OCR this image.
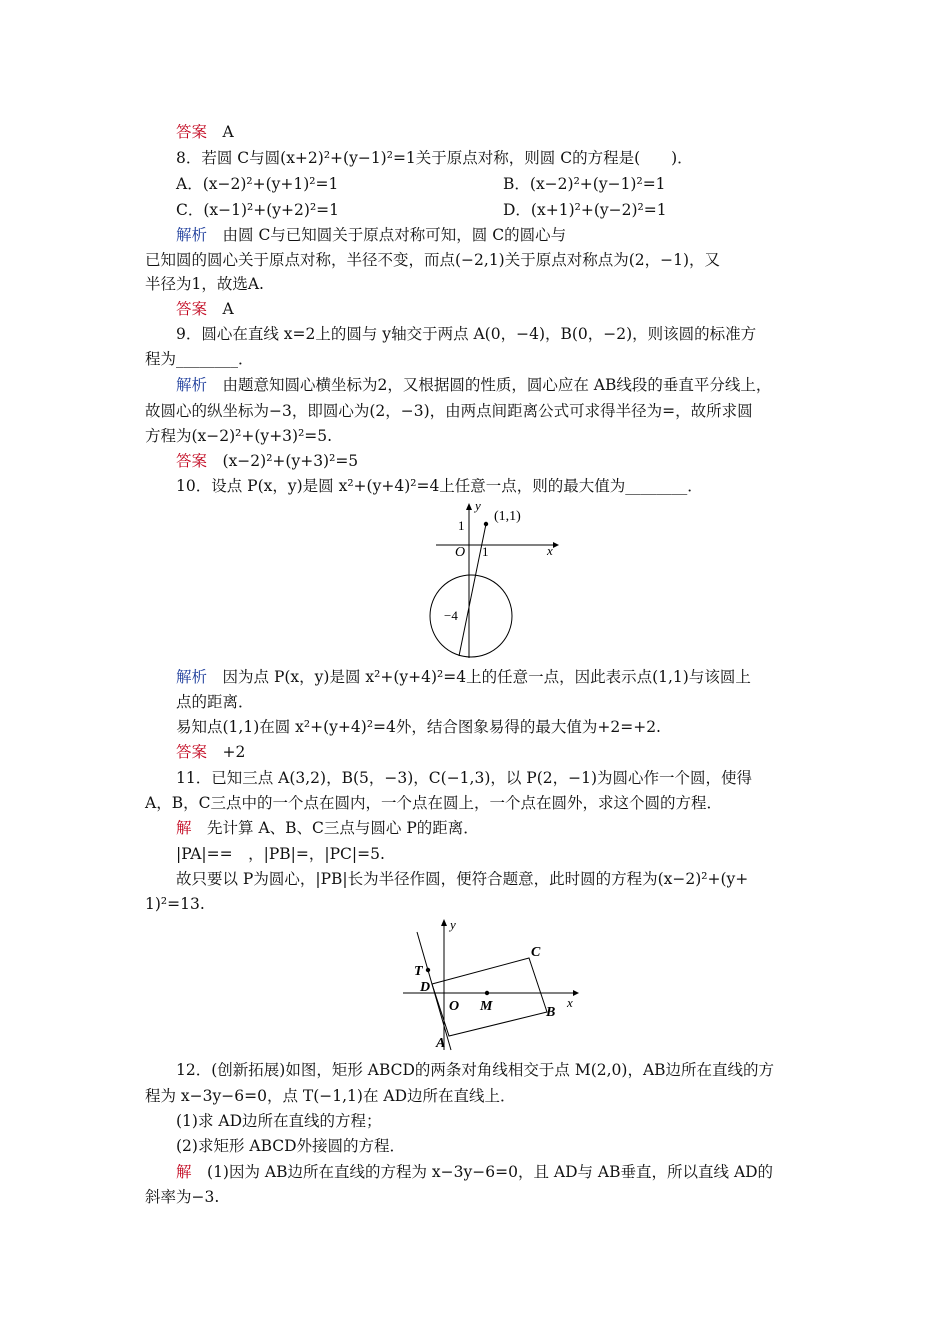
答案　A
8．若圆 C与圆(x+2)²+(y−1)²=1关于原点对称，则圆 C的方程是(　　)．
A．(x−2)²+(y+1)²=1	B．(x−2)²+(y−1)²=1
C．(x−1)²+(y+2)²=1	D．(x+1)²+(y−2)²=1
解析　由圆 C与已知圆关于原点对称可知，圆 C的圆心与
已知圆的圆心关于原点对称，半径不变，而点(−2,1)关于原点对称点为(2，−1)，又
半径为1，故选A.
答案　A
9．圆心在直线 x=2上的圆与 y轴交于两点 A(0，−4)，B(0，−2)，则该圆的标准方
程为________．
解析　由题意知圆心横坐标为2，又根据圆的性质，圆心应在 AB线段的垂直平分线上，
故圆心的纵坐标为−3，即圆心为(2，−3)，由两点间距离公式可求得半径为=，故所求圆
方程为(x−2)²+(y+3)²=5.
答案　(x−2)²+(y+3)²=5
10．设点 P(x，y)是圆 x²+(y+4)²=4上任意一点，则的最大值为________．
(1,1)
y
x
O
1
1
−4
解析　因为点 P(x，y)是圆 x²+(y+4)²=4上的任意一点，因此表示点(1,1)与该圆上
点的距离．
易知点(1,1)在圆 x²+(y+4)²=4外，结合图象易得的最大值为+2=+2.
答案　+2
11．已知三点 A(3,2)，B(5，−3)，C(−1,3)，以 P(2，−1)为圆心作一个圆，使得
A，B，C三点中的一个点在圆内，一个点在圆上，一个点在圆外，求这个圆的方程．
解　先计算 A、B、C三点与圆心 P的距离．
|PA|==　，|PB|=，|PC|=5.
故只要以 P为圆心，|PB|长为半径作圆，便符合题意，此时圆的方程为(x−2)²+(y+
1)²=13.
y
x
O
T
D
A
M	B
C
12．(创新拓展)如图，矩形 ABCD的两条对角线相交于点 M(2,0)，AB边所在直线的方
程为 x−3y−6=0，点 T(−1,1)在 AD边所在直线上．
(1)求 AD边所在直线的方程；
(2)求矩形 ABCD外接圆的方程．
解　(1)因为 AB边所在直线的方程为 x−3y−6=0，且 AD与 AB垂直，所以直线 AD的
斜率为−3.
